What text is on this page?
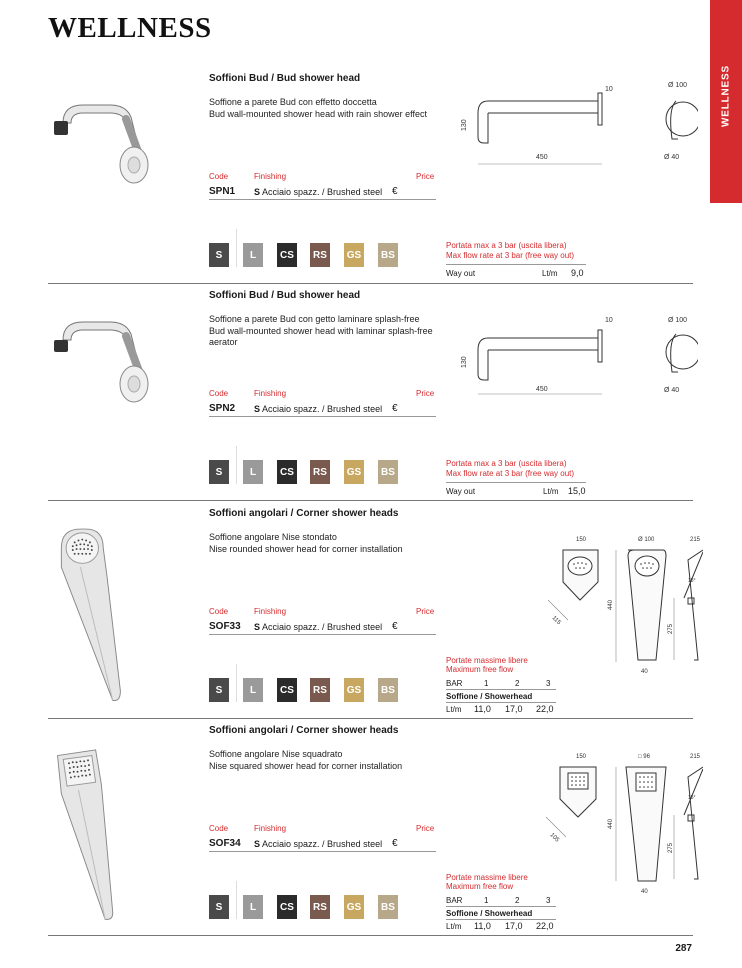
WELLNESS
WELLNESS
Soffioni Bud / Bud shower head
Soffione a parete Bud con effetto doccetta
Bud wall-mounted shower head with rain shower effect
450
130
10
Ø 100
Ø 40
Code	Finishing	Price
SPN1 S Acciaio spazz. / Brushed steel €
S	L	CS	RS	GS	BS
Portata max a 3 bar (uscita libera)
Max flow rate at 3 bar (free way out)
Way out	Lt/m 9,0
Soffioni Bud / Bud shower head
Soffione a parete Bud con getto laminare splash-free
Bud wall-mounted shower head with laminar splash-free aerator
450
130
10	Ø 100
Ø 40
Code	Finishing	Price
SPN2 S Acciaio spazz. / Brushed steel €
S	L	CS	RS	GS	BS
Portata max a 3 bar (uscita libera)
Max flow rate at 3 bar (free way out)
Way out	Lt/m 15,0
Soffioni angolari / Corner shower heads
Soffione angolare Nise stondato
Nise rounded shower head for corner installation
150	Ø 100	215
115
440
40
15°
275
Code	Finishing	Price
SOF33 S Acciaio spazz. / Brushed steel €
S	L	CS	RS	GS	BS
Portate massime libere
Maximum free flow
BAR	1	2	3
Soffione / Showerhead
Lt/m 11,0 17,0 22,0
Soffioni angolari / Corner shower heads
Soffione angolare Nise squadrato
Nise squared shower head for corner installation
150	□ 96	215
105
440
40
15°
275
Code	Finishing	Price
SOF34 S Acciaio spazz. / Brushed steel €
S	L	CS	RS	GS	BS
Portate massime libere
Maximum free flow
BAR	1	2	3
Soffione / Showerhead
Lt/m 11,0 17,0 22,0
287
